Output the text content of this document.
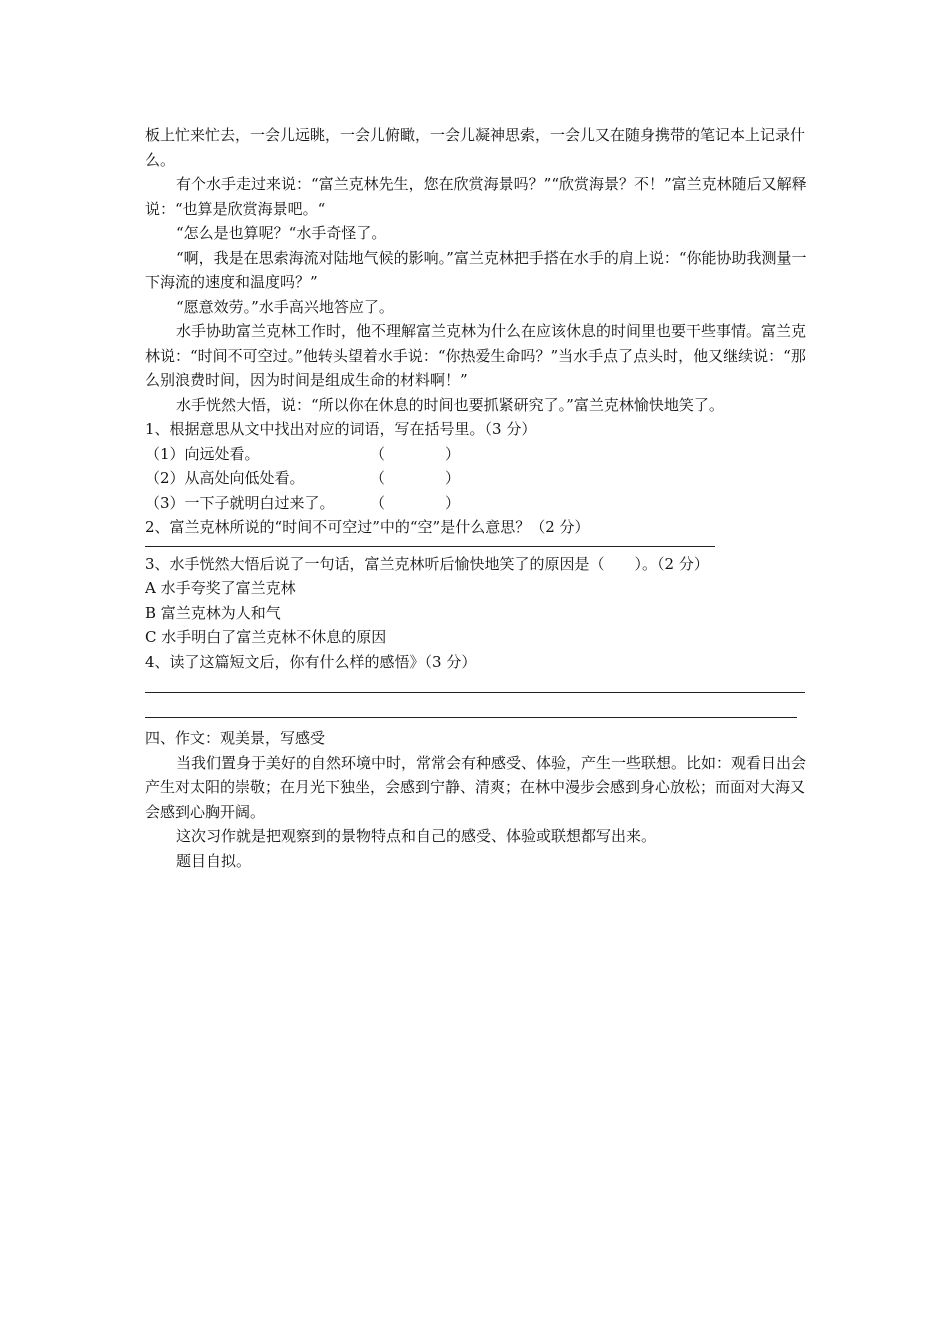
板上忙来忙去，一会儿远眺，一会儿俯瞰，一会儿凝神思索，一会儿又在随身携带的笔记本上记录什么。

有个水手走过来说：“富兰克林先生，您在欣赏海景吗？”“欣赏海景？不！”富兰克林随后又解释说：“也算是欣赏海景吧。“

“怎么是也算呢？“水手奇怪了。

“啊，我是在思索海流对陆地气候的影响。”富兰克林把手搭在水手的肩上说：“你能协助我测量一下海流的速度和温度吗？”

“愿意效劳。”水手高兴地答应了。

水手协助富兰克林工作时，他不理解富兰克林为什么在应该休息的时间里也要干些事情。富兰克林说：“时间不可空过。”他转头望着水手说：“你热爱生命吗？”当水手点了点头时，他又继续说：“那么别浪费时间，因为时间是组成生命的材料啊！”

水手恍然大悟，说：“所以你在休息的时间也要抓紧研究了。”富兰克林愉快地笑了。

1、根据意思从文中找出对应的词语，写在括号里。（3 分）

（1）向远处看。	（　　　　）
（2）从高处向低处看。	（　　　　）
（3）一下子就明白过来了。	（　　　　）

2、富兰克林所说的“时间不可空过”中的“空”是什么意思？（2 分）

3、水手恍然大悟后说了一句话，富兰克林听后愉快地笑了的原因是（　　）。（2 分）

A 水手夸奖了富兰克林

B 富兰克林为人和气

C 水手明白了富兰克林不休息的原因

4、读了这篇短文后，你有什么样的感悟》（3 分）

四、作文：观美景，写感受

当我们置身于美好的自然环境中时，常常会有种感受、体验，产生一些联想。比如：观看日出会产生对太阳的崇敬；在月光下独坐，会感到宁静、清爽；在林中漫步会感到身心放松；而面对大海又会感到心胸开阔。

这次习作就是把观察到的景物特点和自己的感受、体验或联想都写出来。

题目自拟。
